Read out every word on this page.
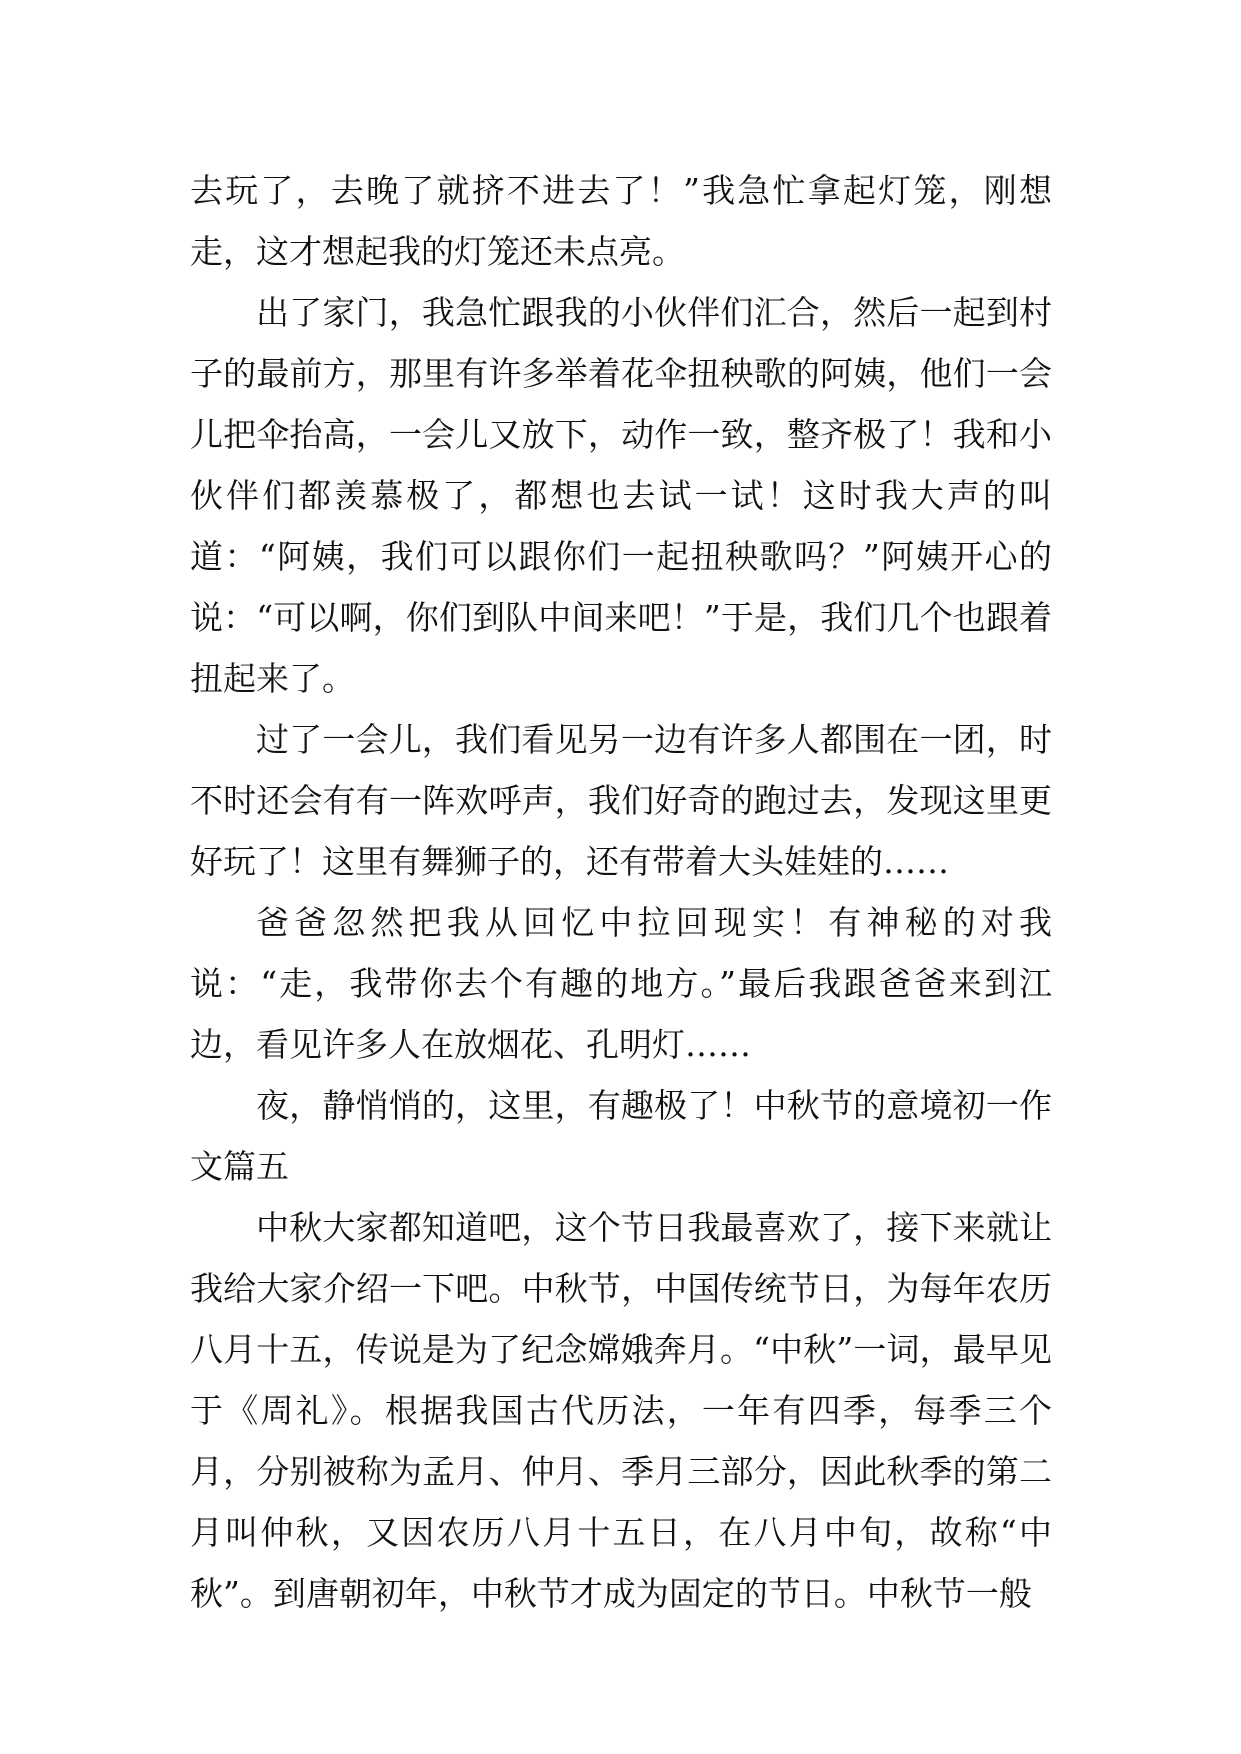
去玩了，去晚了就挤不进去了！”我急忙拿起灯笼，刚想走，这才想起我的灯笼还未点亮。

出了家门，我急忙跟我的小伙伴们汇合，然后一起到村子的最前方，那里有许多举着花伞扭秧歌的阿姨，他们一会儿把伞抬高，一会儿又放下，动作一致，整齐极了！我和小伙伴们都羡慕极了，都想也去试一试！这时我大声的叫道：“阿姨，我们可以跟你们一起扭秧歌吗？”阿姨开心的说：“可以啊，你们到队中间来吧！”于是，我们几个也跟着扭起来了。

过了一会儿，我们看见另一边有许多人都围在一团，时不时还会有有一阵欢呼声，我们好奇的跑过去，发现这里更好玩了！这里有舞狮子的，还有带着大头娃娃的……

爸爸忽然把我从回忆中拉回现实！有神秘的对我说：“走，我带你去个有趣的地方。”最后我跟爸爸来到江边，看见许多人在放烟花、孔明灯……

夜，静悄悄的，这里，有趣极了！中秋节的意境初一作文篇五

中秋大家都知道吧，这个节日我最喜欢了，接下来就让我给大家介绍一下吧。中秋节，中国传统节日，为每年农历八月十五，传说是为了纪念嫦娥奔月。“中秋”一词，最早见于《周礼》。根据我国古代历法，一年有四季，每季三个月，分别被称为孟月、仲月、季月三部分，因此秋季的第二月叫仲秋，又因农历八月十五日，在八月中旬，故称“中秋”。到唐朝初年，中秋节才成为固定的节日。中秋节一般
